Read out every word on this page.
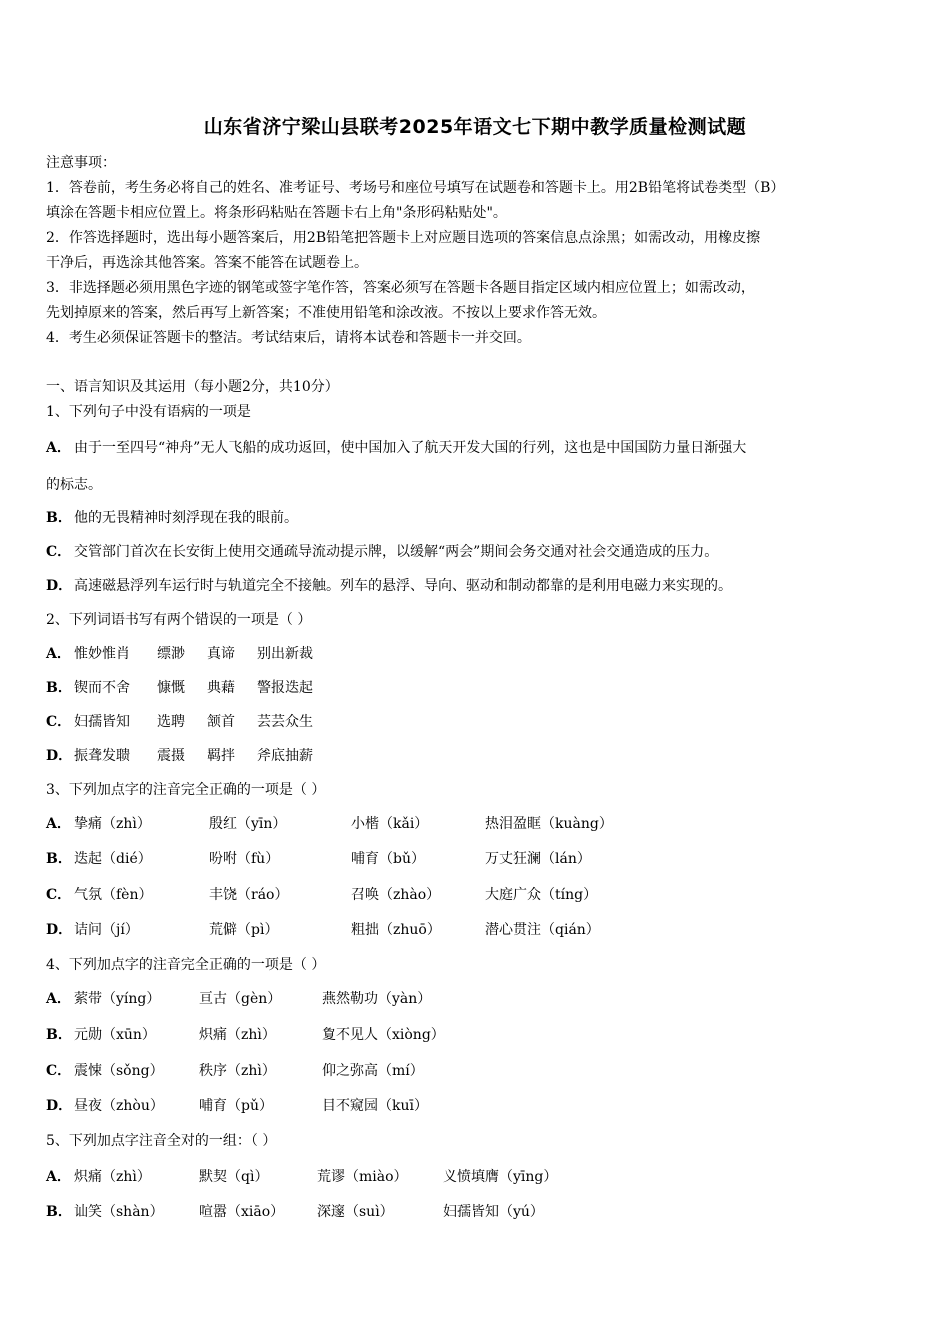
山东省济宁梁山县联考2025年语文七下期中教学质量检测试题
注意事项：
1．答卷前，考生务必将自己的姓名、准考证号、考场号和座位号填写在试题卷和答题卡上。用2B铅笔将试卷类型（B）
填涂在答题卡相应位置上。将条形码粘贴在答题卡右上角"条形码粘贴处"。
2．作答选择题时，选出每小题答案后，用2B铅笔把答题卡上对应题目选项的答案信息点涂黑；如需改动，用橡皮擦
干净后，再选涂其他答案。答案不能答在试题卷上。
3．非选择题必须用黑色字迹的钢笔或签字笔作答，答案必须写在答题卡各题目指定区域内相应位置上；如需改动，
先划掉原来的答案，然后再写上新答案；不准使用铅笔和涂改液。不按以上要求作答无效。
4．考生必须保证答题卡的整洁。考试结束后，请将本试卷和答题卡一并交回。
一、语言知识及其运用（每小题2分，共10分）
1、下列句子中没有语病的一项是
A． 由于一至四号“神舟”无人飞船的成功返回，使中国加入了航天开发大国的行列，这也是中国国防力量日渐强大
的标志。
B． 他的无畏精神时刻浮现在我的眼前。
C． 交管部门首次在长安街上使用交通疏导流动提示牌，以缓解“两会”期间会务交通对社会交通造成的压力。
D． 高速磁悬浮列车运行时与轨道完全不接触。列车的悬浮、导向、驱动和制动都靠的是利用电磁力来实现的。
2、下列词语书写有两个错误的一项是（ ）
A． 惟妙惟肖 缥渺 真谛 别出新裁
B． 锲而不舍 慷慨 典藉 警报迭起
C． 妇孺皆知 选聘 颔首 芸芸众生
D． 振聋发聩 震摄 羁拌 斧底抽薪
3、下列加点字的注音完全正确的一项是（ ）
A． 挚痛（zhì）	殷红（yīn）	小楷（kǎi）	热泪盈眶（kuàng）
B． 迭起（dié）	吩咐（fù）	哺育（bǔ）	万丈狂澜（lán）
C． 气氛（fèn）	丰饶（ráo）	召唤（zhào）	大庭广众（tíng）
D． 诘问（jí）	荒僻（pì）	粗拙（zhuō）	潜心贯注（qián）
4、下列加点字的注音完全正确的一项是（ ）
A． 萦带（yíng）	亘古（gèn）	燕然勒功（yàn）
B． 元勋（xūn）	炽痛（zhì）	夐不见人（xiòng）
C． 震悚（sǒng）	秩序（zhì）	仰之弥高（mí）
D． 昼夜（zhòu）	哺育（pǔ）	目不窥园（kuī）
5、下列加点字注音全对的一组：（ ）
A． 炽痛（zhì）	默契（qì）	荒谬（miào）	义愤填膺（yīng）
B． 讪笑（shàn）	喧嚣（xiāo） 深邃（suì）	妇孺皆知（yú）
